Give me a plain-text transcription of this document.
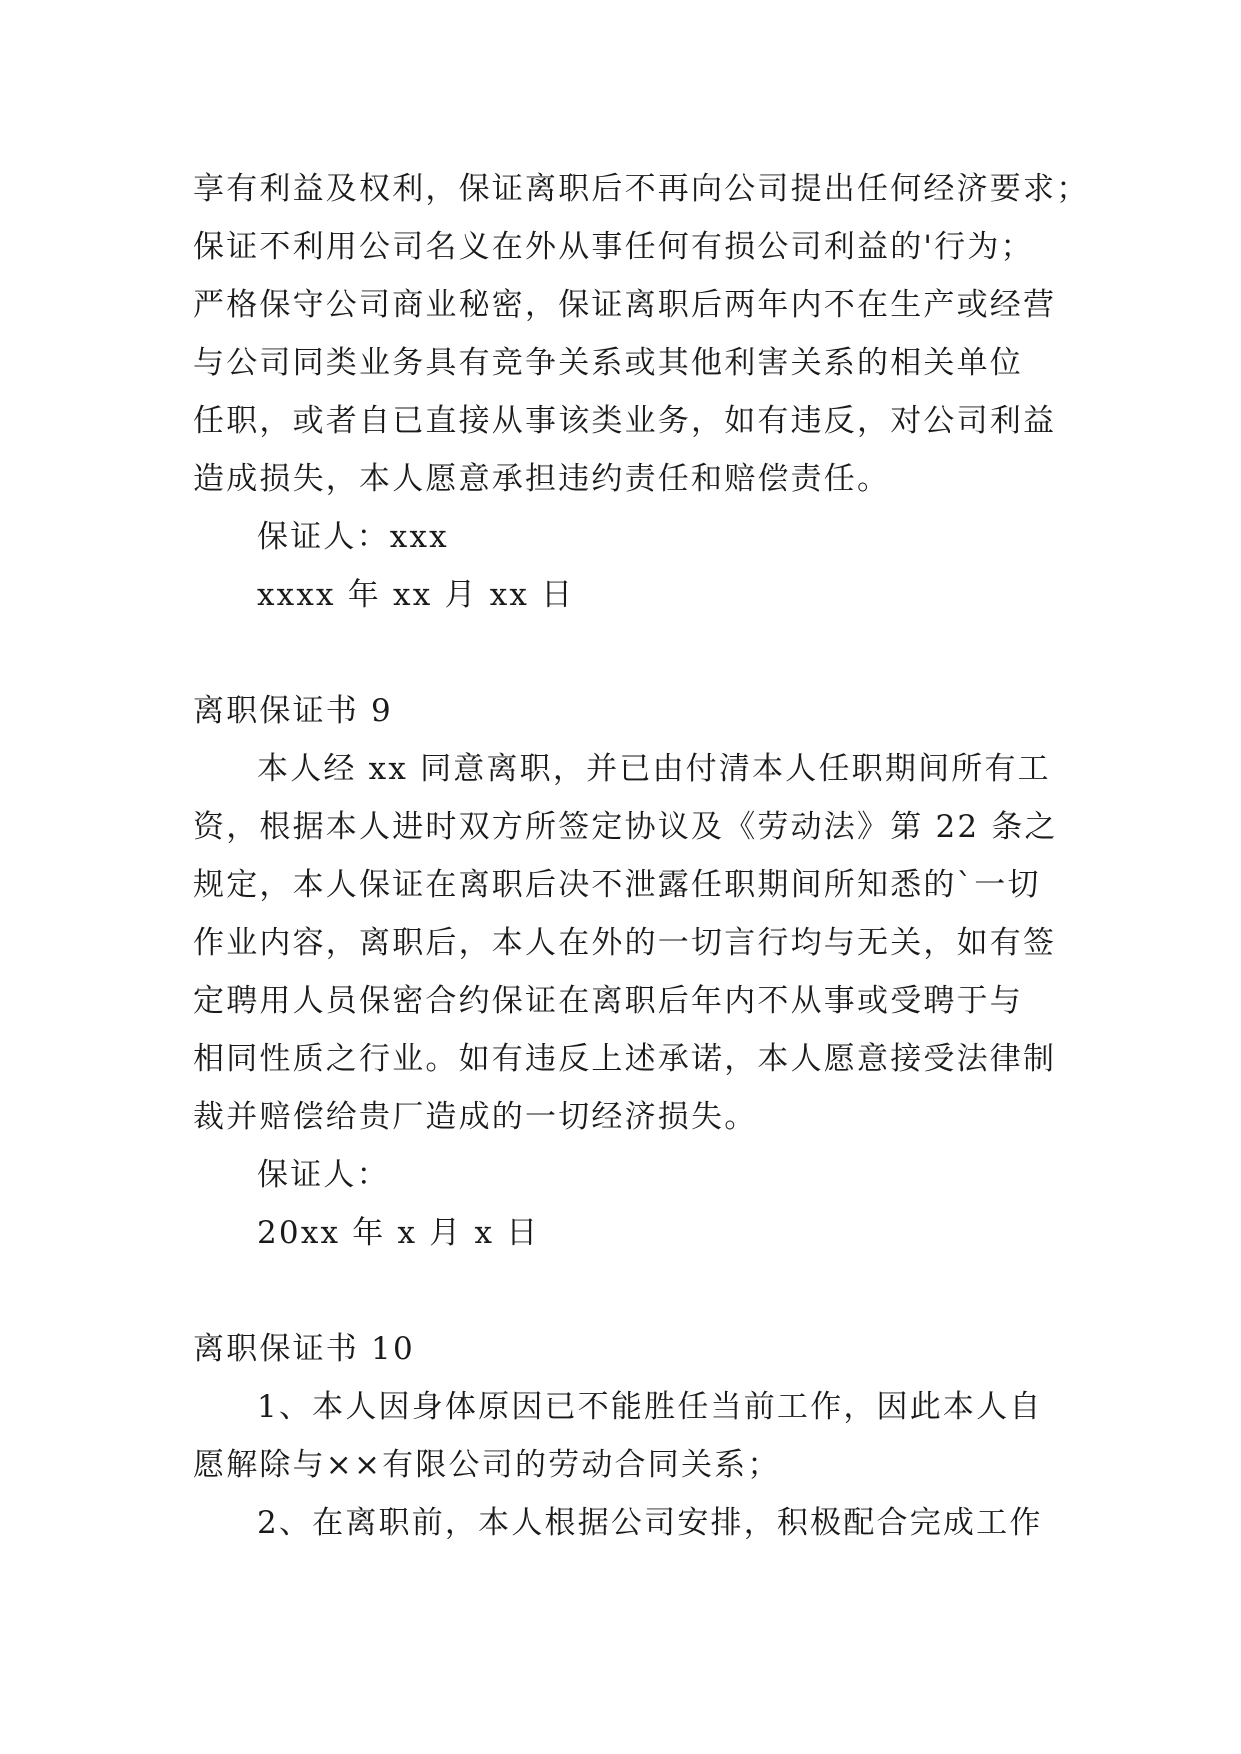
享有利益及权利，保证离职后不再向公司提出任何经济要求；
保证不利用公司名义在外从事任何有损公司利益的'行为；
严格保守公司商业秘密，保证离职后两年内不在生产或经营
与公司同类业务具有竞争关系或其他利害关系的相关单位
任职，或者自已直接从事该类业务，如有违反，对公司利益
造成损失，本人愿意承担违约责任和赔偿责任。
保证人：xxx
xxxx 年 xx 月 xx 日
离职保证书 9
本人经 xx 同意离职，并已由付清本人任职期间所有工
资，根据本人进时双方所签定协议及《劳动法》第 22 条之
规定，本人保证在离职后决不泄露任职期间所知悉的`一切
作业内容，离职后，本人在外的一切言行均与无关，如有签
定聘用人员保密合约保证在离职后年内不从事或受聘于与
相同性质之行业。如有违反上述承诺，本人愿意接受法律制
裁并赔偿给贵厂造成的一切经济损失。
保证人：
20xx 年 x 月 x 日
离职保证书 10
1、本人因身体原因已不能胜任当前工作，因此本人自
愿解除与××有限公司的劳动合同关系；
2、在离职前，本人根据公司安排，积极配合完成工作
